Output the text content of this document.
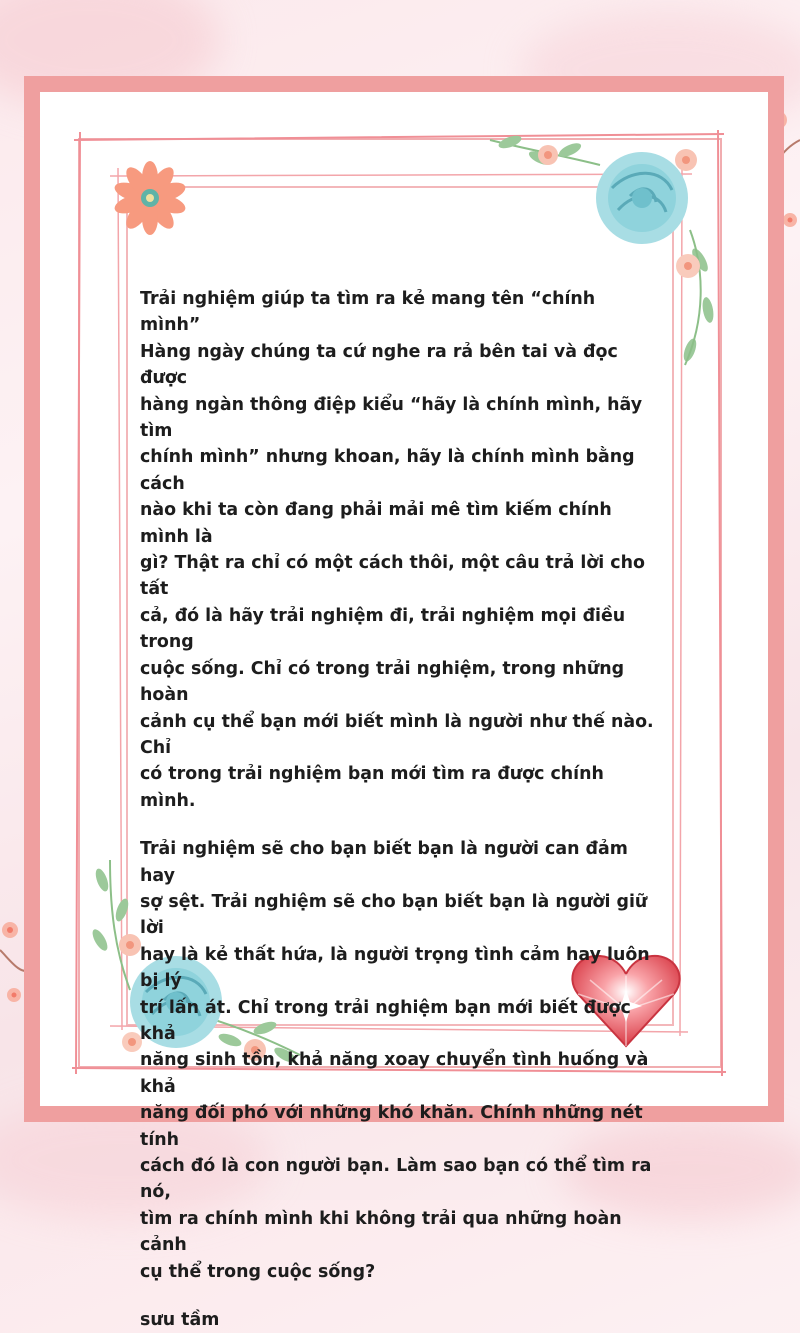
Trải nghiệm giúp ta tìm ra kẻ mang tên “chính mình”
Hàng ngày chúng ta cứ nghe ra rả bên tai và đọc được
hàng ngàn thông điệp kiểu “hãy là chính mình, hãy tìm
chính mình” nhưng khoan, hãy là chính mình bằng cách
nào khi ta còn đang phải mải mê tìm kiếm chính mình là
gì? Thật ra chỉ có một cách thôi, một câu trả lời cho tất
cả, đó là hãy trải nghiệm đi, trải nghiệm mọi điều trong
cuộc sống. Chỉ có trong trải nghiệm, trong những hoàn
cảnh cụ thể bạn mới biết mình là người như thế nào. Chỉ
có trong trải nghiệm bạn mới tìm ra được chính mình.

Trải nghiệm sẽ cho bạn biết bạn là người can đảm hay
sợ sệt. Trải nghiệm sẽ cho bạn biết bạn là người giữ lời
hay là kẻ thất hứa, là người trọng tình cảm hay luôn bị lý
trí lấn át. Chỉ trong trải nghiệm bạn mới biết được khả
năng sinh tồn, khả năng xoay chuyển tình huống và khả
năng đối phó với những khó khăn. Chính những nét tính
cách đó là con người bạn. Làm sao bạn có thể tìm ra nó,
tìm ra chính mình khi không trải qua những hoàn cảnh
cụ thể trong cuộc sống?

sưu tầm
